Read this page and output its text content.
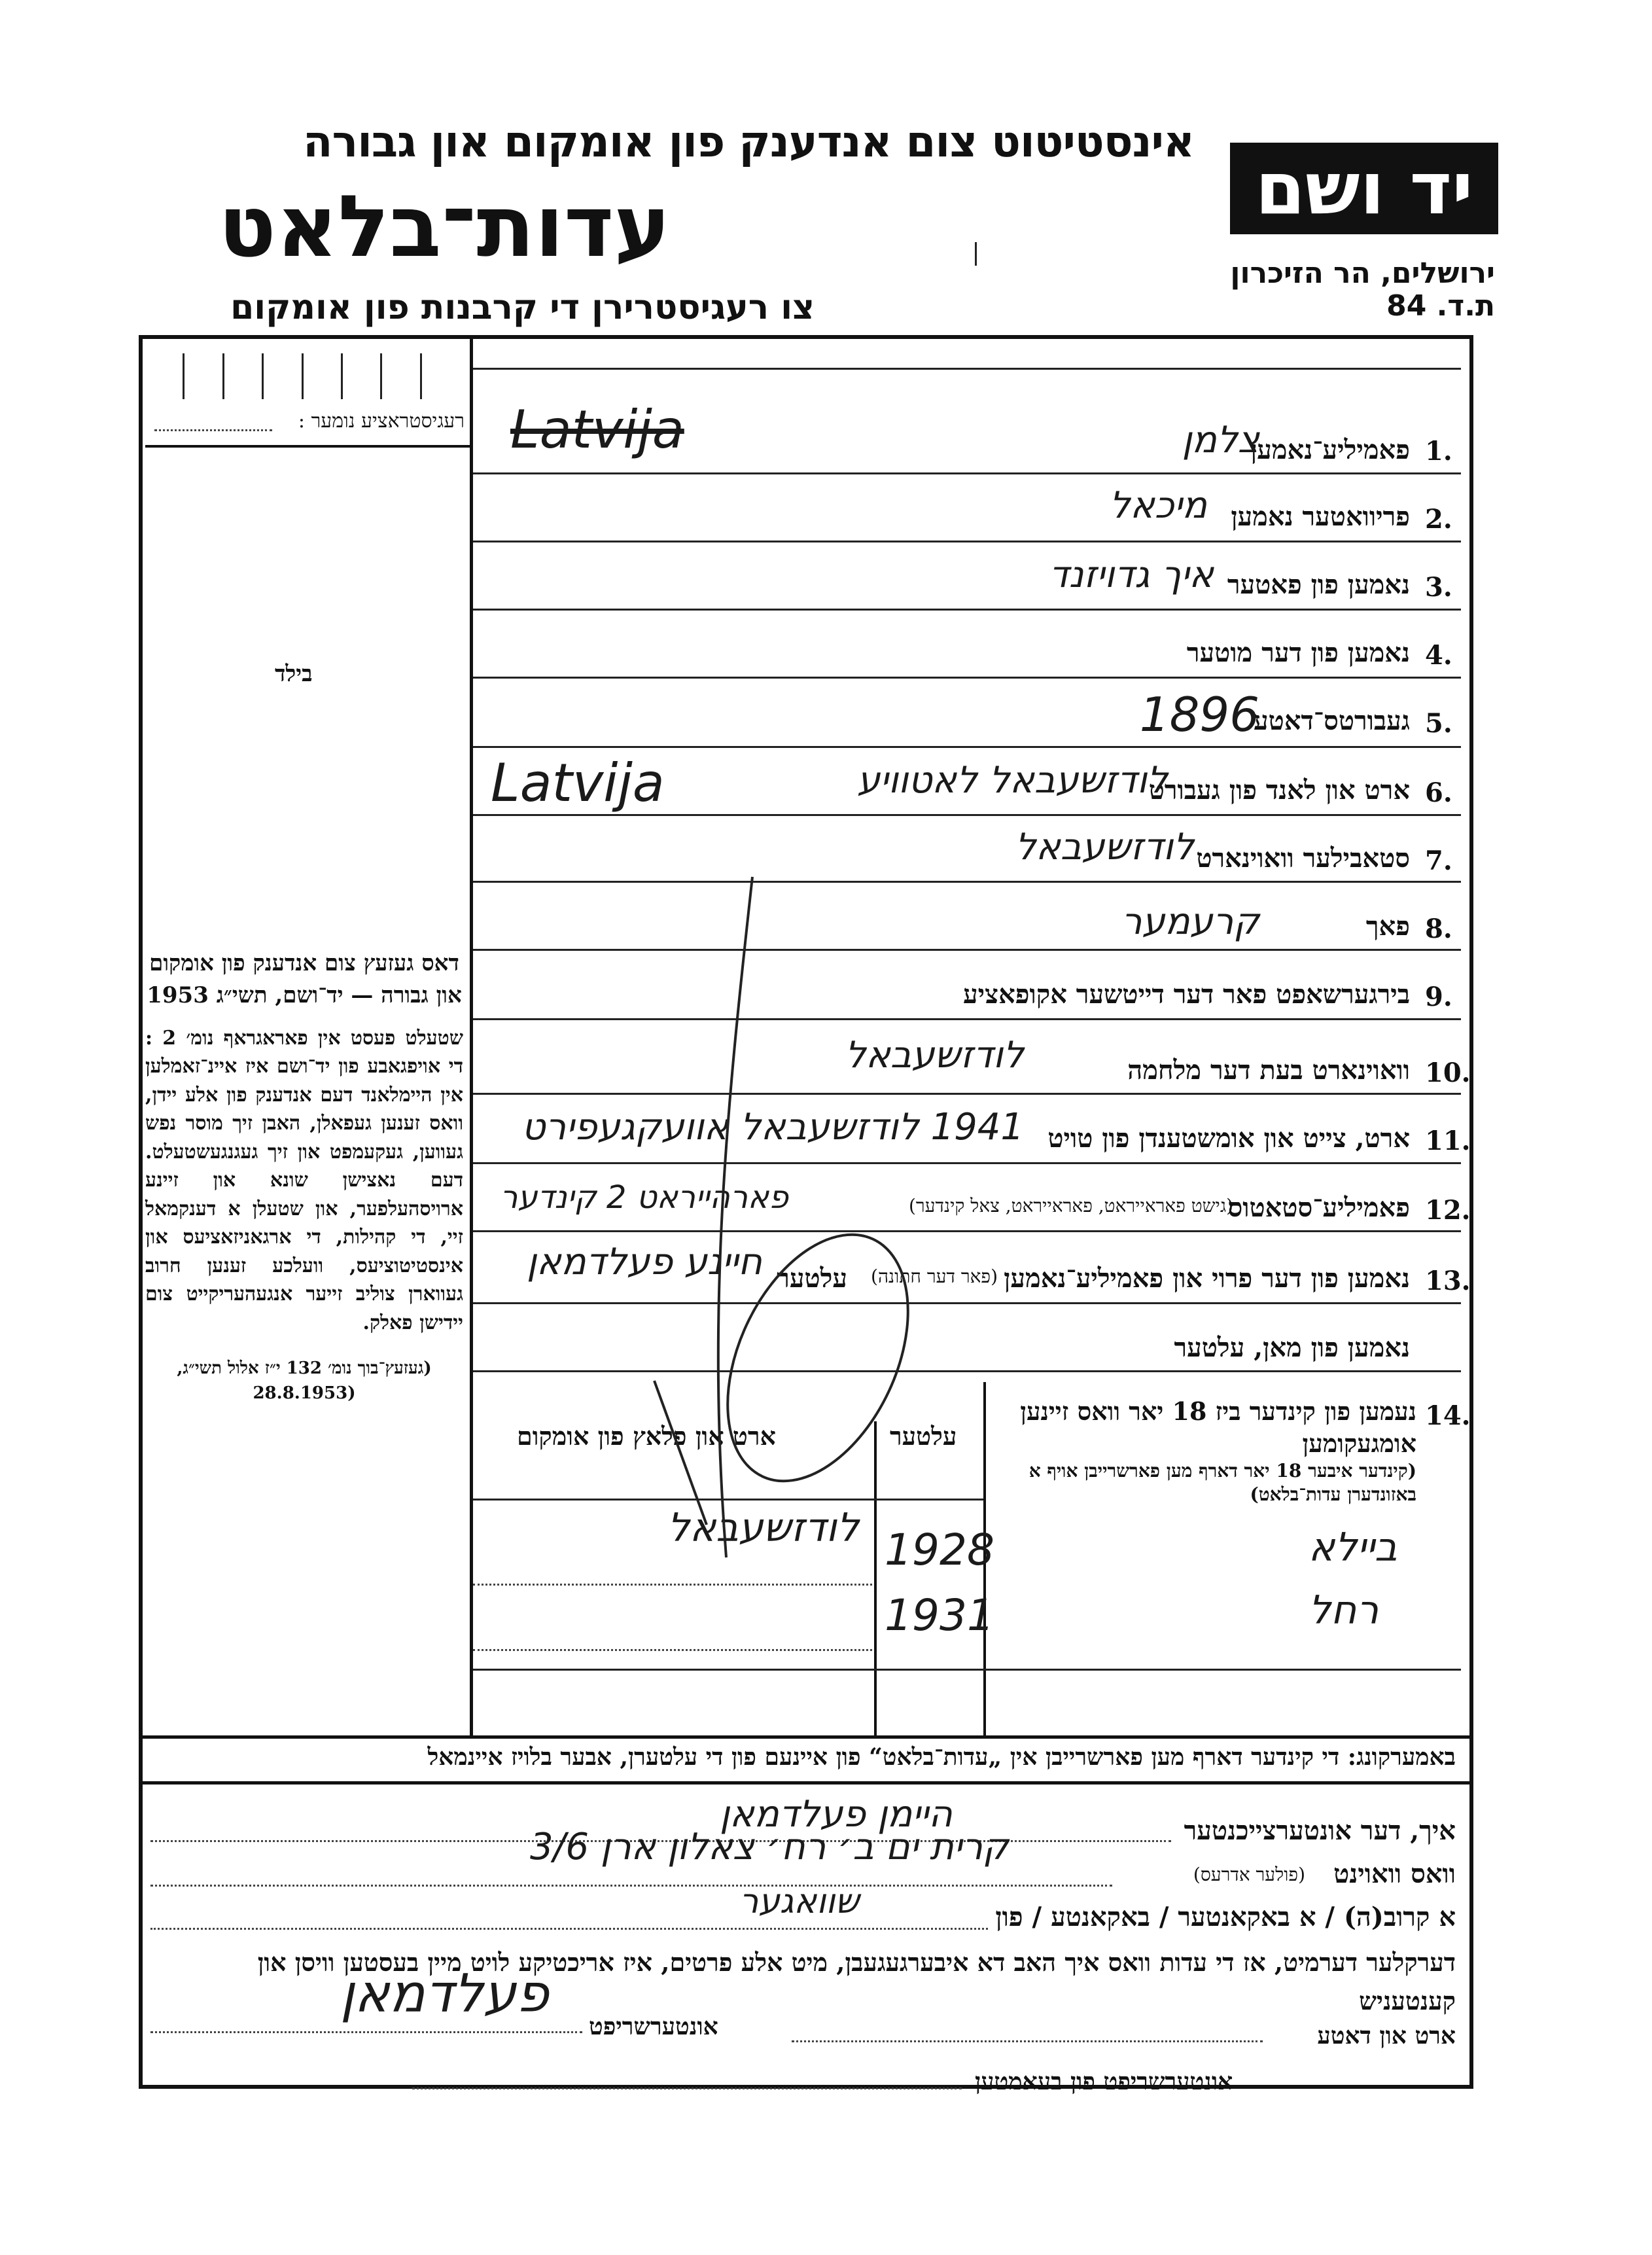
אינסטיטוט צום אנדענק פון אומקום און גבורה
עדות־בלאט
צו רעגיסטרירן די קרבנות פון אומקום
יד ושם
ירושלים, הר הזיכרון
ת.ד. 84
רעגיסטראציע נומער :
בילד

דאס געזעץ צום אנדענק פון אומקום און גבורה — יד־ושם, תשי״ג 1953

שטעלט פעסט אין פאראגראף נומ׳ 2 : די אויפגאבע פון יד־ושם איז איינ־זאמלען אין היימלאנד דעם אנדענק פון אלע יידן, וואס זענען געפאלן, האבן זיך מוסר נפש געווען, געקעמפט און זיך געגנגעשטעלט. דעם נאצישן שונא און זיינע ארויסהעלפער, און שטעלן א דענקמאל זיי, די קהילות, די ארגאניזאציעס און אינסטיטוציעס, וועלכע זענען חרוב געווארן צוליב זייער אנגעהעריקייט צום יידישן פאלק.

(געזעץ־בוך נומ׳ 132 י״ז אלול תשי״ג, (28.8.1953

Latvija	1.
פאמיליע־נאמען
צלמן
2.
פריוואטער נאמען
מיכאל
3.
נאמען פון פאטער
איך גדויזנד
4.
נאמען פון דער מוטער
5.
געבורטס־דאטע
1896
6.
ארט און לאנד פון געבורט
לודזשעבאל לאטוויע
Latvija
7.
סטאבילער וואוינארט
לודזשעבאל
8.
פאך
קרעמער
9.
בירגערשאפט פאר דער דייטשער אקופאציע
10.
וואוינארט בעת דער מלחמה
לודזשעבאל
11.
ארט, צייט און אומשטענדן פון טויט
1941 לודזשעבאל אוועקגעפירט
12.
פאמיליע־סטאטוס
(גישט פאראייראט, פאראייראט, צאל קינדער)
פארהייראט 2 קינדער
13.
נאמען פון דער פרוי און פאמיליע־נאמען
(פאר דער חתונה)
עלטער
חיינע פעלדמאן
נאמען פון מאן, עלטער
14.
נעמען פון קינדער ביז 18 יאר וואס זיינען אומגעקומען
(קינדער איבער 18 יאר דארף מען פארשרייבן אויף א באזונדערן עדות־בלאט)
עלטער
ארט און פלאץ פון אומקום
ביילא
1928
לודזשעבאל
רחל
1931
באמערקונג: די קינדער דארף מען פארשרייבן אין „עדות־בלאט“ פון איינעם פון די עלטערן, אבער בלויז איינמאל
איך, דער אונטערצייכנטער
היימן פעלדמאן
וואס וואוינט
(פולער אדרעס)
קרית ים ב׳ רח׳ צאלון ארן 3/6
א קרוב(ה) / א באקאנטער / באקאנטע / פון
שוואגער
דערקלער דערמיט, אז די עדות וואס איך האב דא איבערגעגעבן, מיט אלע פרטים, איז אריכטיקע לויט מיין בעסטען וויסן און קענטעניש
ארט און דאטע
אונטערשריפט
פעלדמאן
אונטערשריפט פון בעאמטען
